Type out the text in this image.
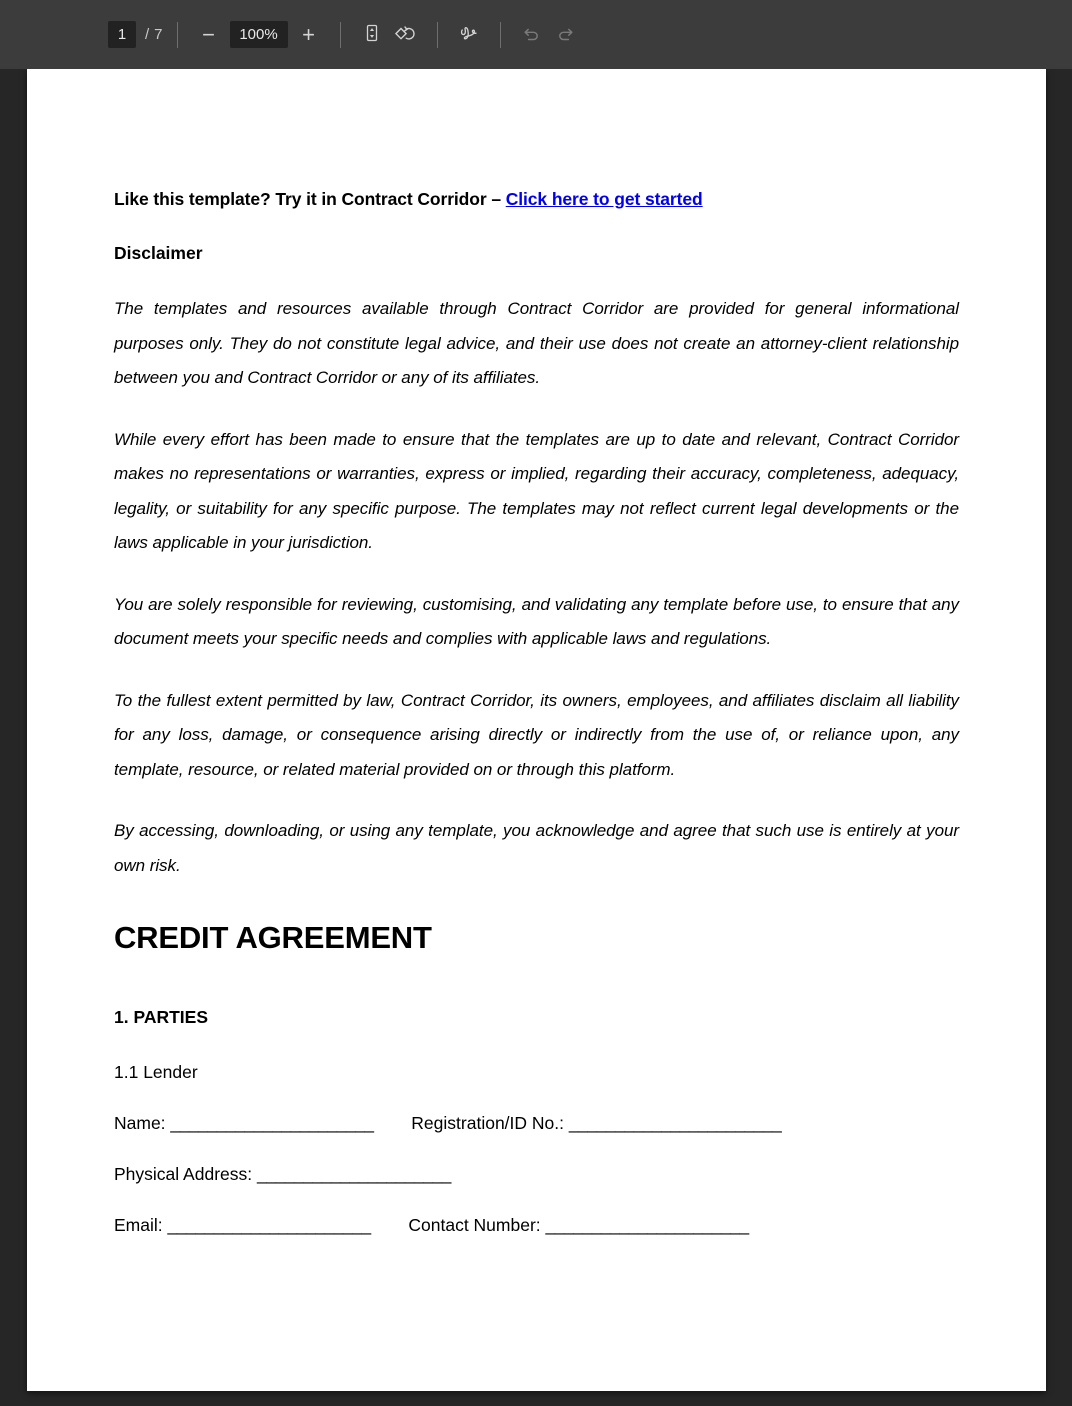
1
/ 7 − 100% +
Like this template? Try it in Contract Corridor – Click here to get started
Disclaimer

The templates and resources available through Contract Corridor are provided for general informational purposes only. They do not constitute legal advice, and their use does not create an attorney-client relationship between you and Contract Corridor or any of its affiliates.

While every effort has been made to ensure that the templates are up to date and relevant, Contract Corridor makes no representations or warranties, express or implied, regarding their accuracy, completeness, adequacy, legality, or suitability for any specific purpose. The templates may not reflect current legal developments or the laws applicable in your jurisdiction.

You are solely responsible for reviewing, customising, and validating any template before use, to ensure that any document meets your specific needs and complies with applicable laws and regulations.

To the fullest extent permitted by law, Contract Corridor, its owners, employees, and affiliates disclaim all liability for any loss, damage, or consequence arising directly or indirectly from the use of, or reliance upon, any template, resource, or related material provided on or through this platform.

By accessing, downloading, or using any template, you acknowledge and agree that such use is entirely at your own risk.

CREDIT AGREEMENT
1. PARTIES
1.1 Lender
Name: ______________________ Registration/ID No.: _______________________
Physical Address: _____________________
Email: ______________________ Contact Number: ______________________
